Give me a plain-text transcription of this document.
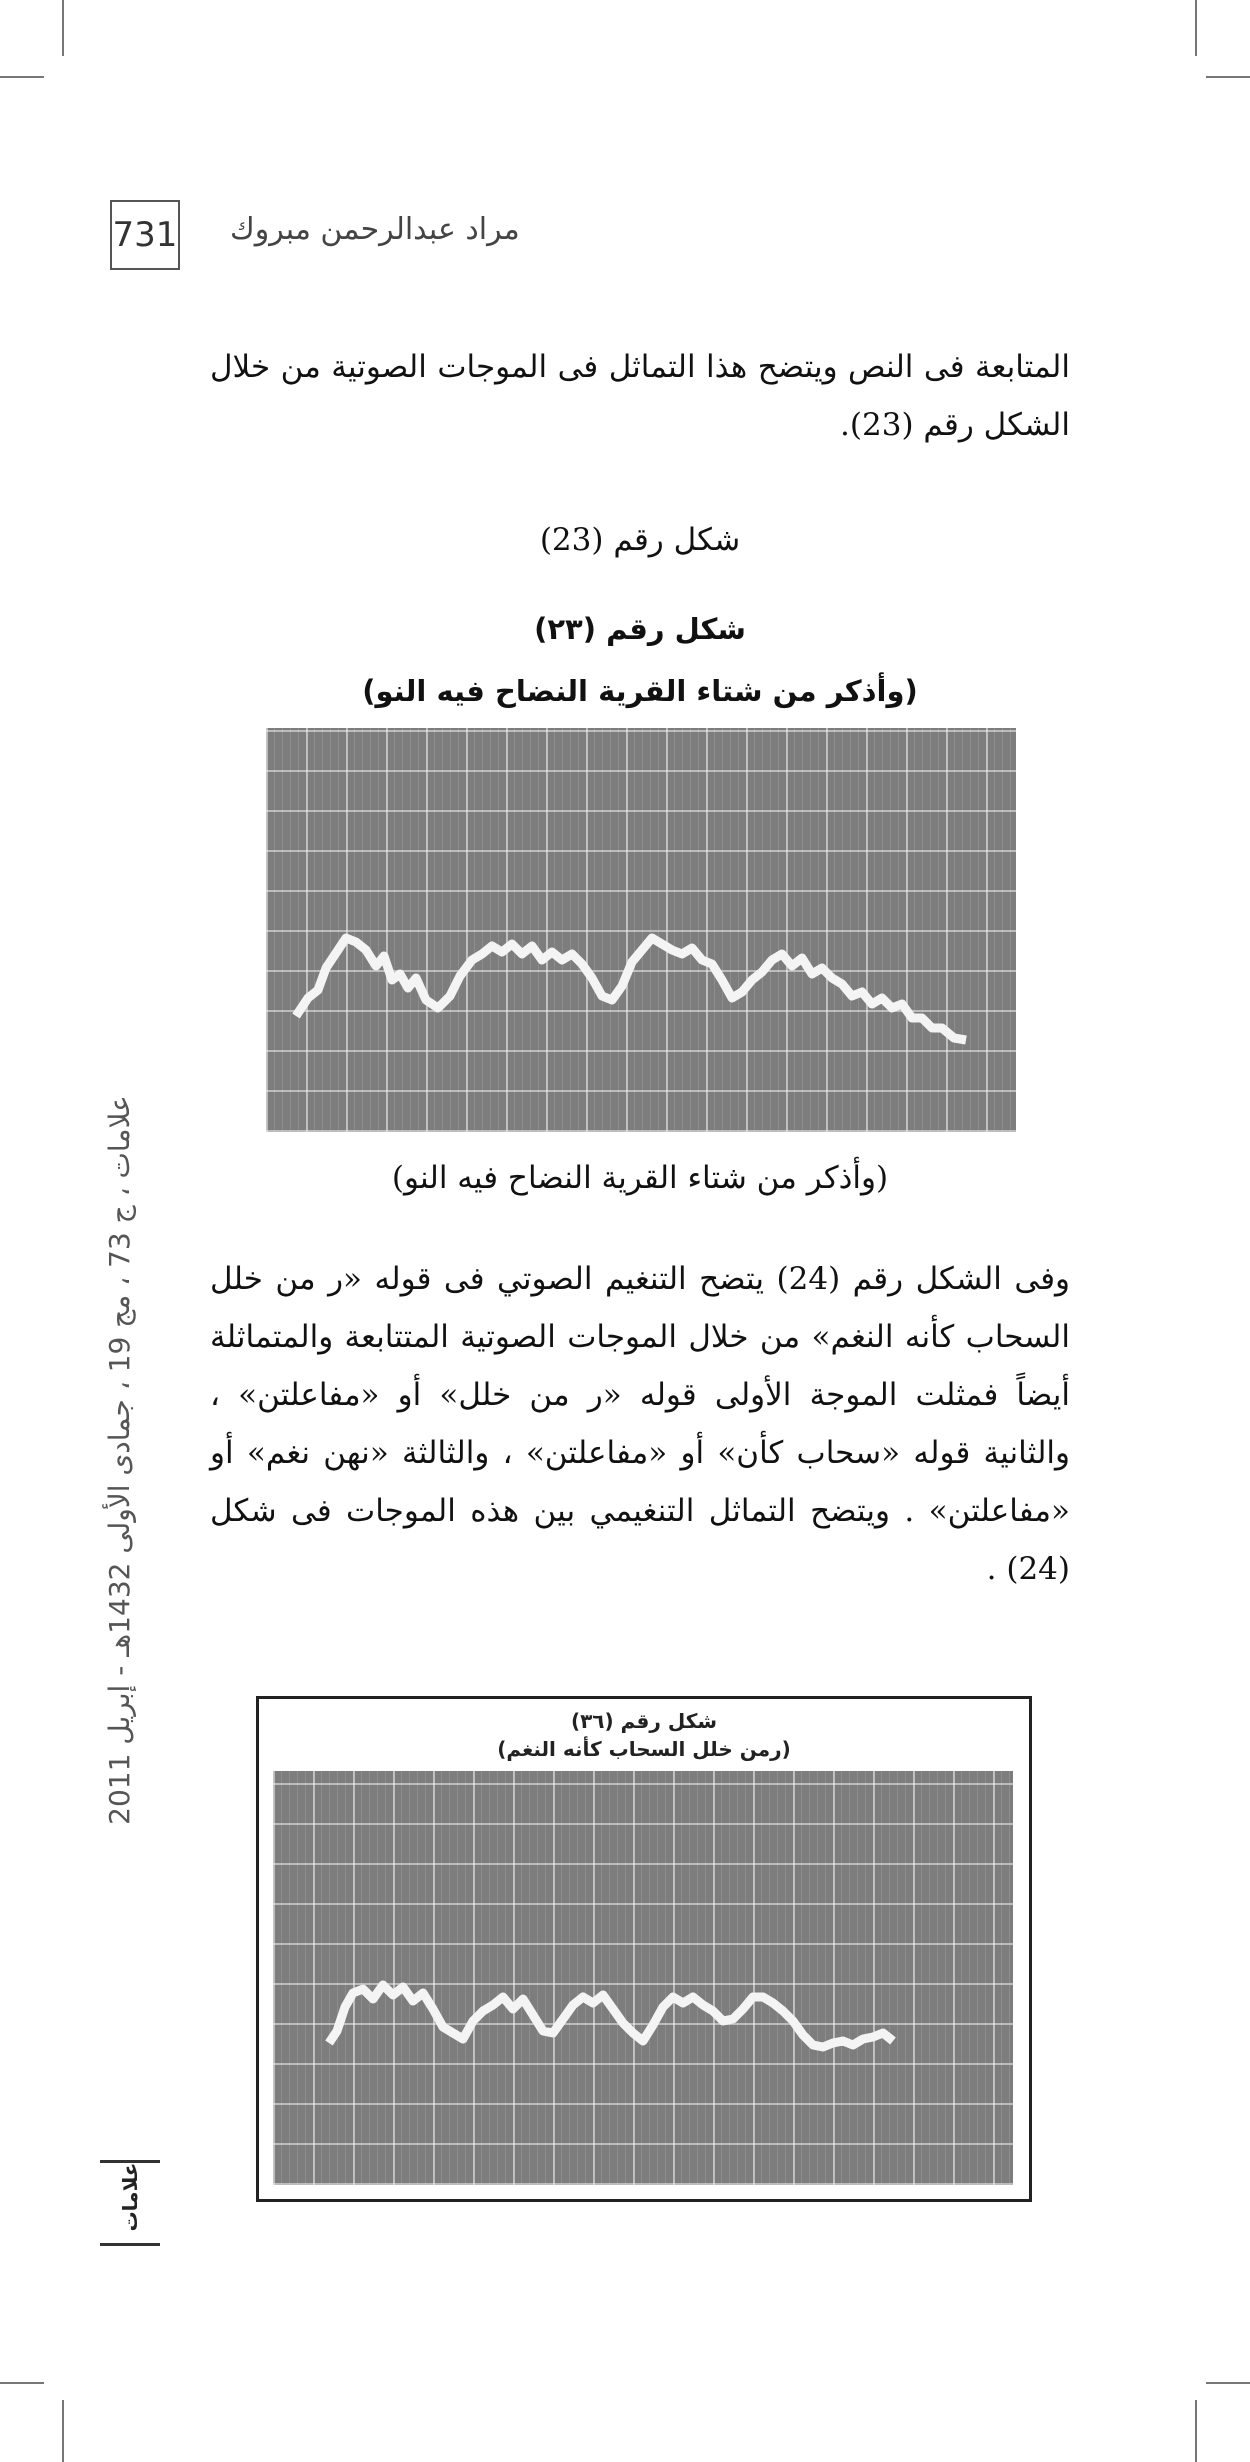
731 مراد عبدالرحمن مبروك
المتابعة فى النص ويتضح هذا التماثل فى الموجات الصوتية من خلال الشكل رقم (23).
شكل رقم (23)
شكل رقم (٢٣)
(وأذكر من شتاء القرية النضاح فيه النو)
(وأذكر من شتاء القرية النضاح فيه النو)
وفى الشكل رقم (24) يتضح التنغيم الصوتي فى قوله «ر من خلل السحاب كأنه النغم» من خلال الموجات الصوتية المتتابعة والمتماثلة أيضاً فمثلت الموجة الأولى قوله «ر من خلل» أو «مفاعلتن» ، والثانية قوله «سحاب كأن» أو «مفاعلتن» ، والثالثة «نهن نغم» أو «مفاعلتن» . ويتضح التماثل التنغيمي بين هذه الموجات فى شكل (24) .
شكل رقم (٣٦)
(رمن خلل السحاب كأنه النغم)
علامات ، ج 73 ، مج 19 ، جمادى الأولى 1432هـ - إبريل 2011
علامات
